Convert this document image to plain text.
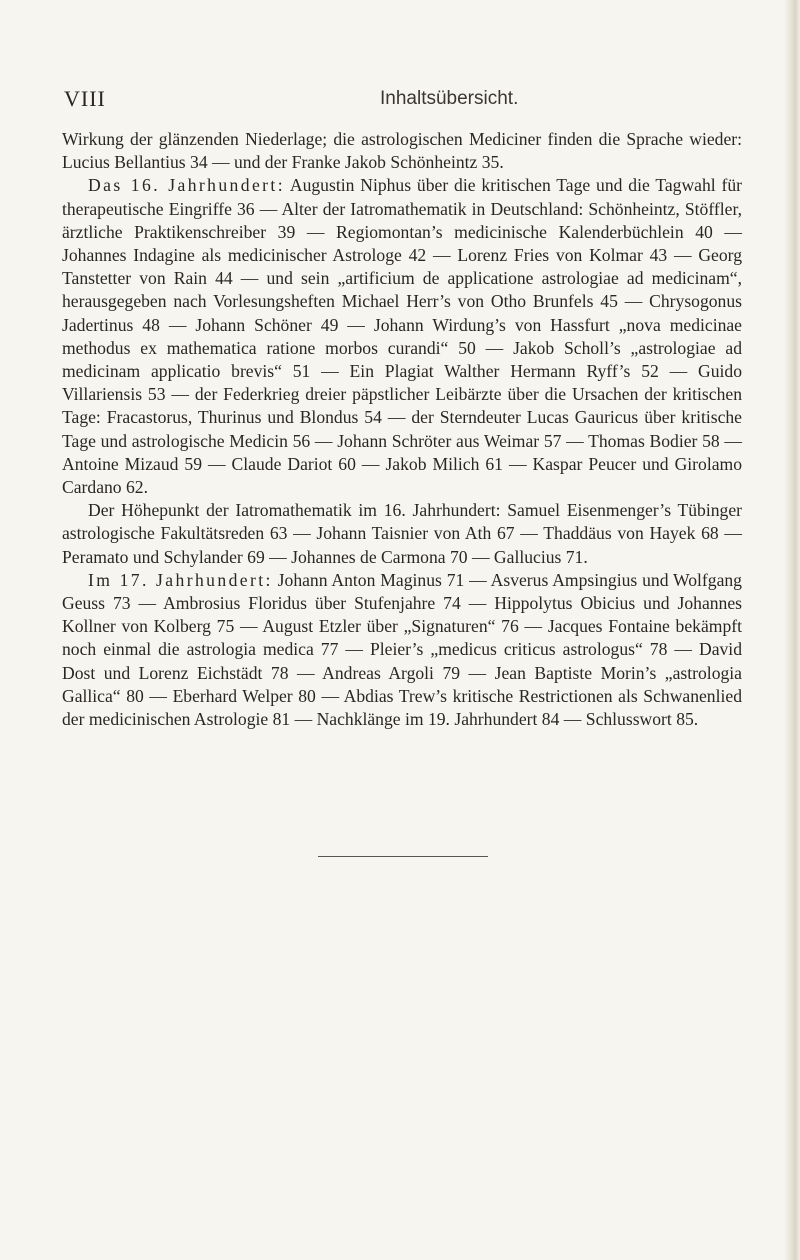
VIII	Inhaltsübersicht.

Wirkung der glänzenden Niederlage; die astrologischen Mediciner finden die Sprache wieder: Lucius Bellantius 34 — und der Franke Jakob Schönheintz 35.

Das 16. Jahrhundert: Augustin Niphus über die kritischen Tage und die Tagwahl für therapeutische Eingriffe 36 — Alter der Iatromathematik in Deutschland: Schönheintz, Stöffler, ärztliche Praktikenschreiber 39 — Regiomontan’s medicinische Kalenderbüchlein 40 — Johannes Indagine als medicinischer Astrologe 42 — Lorenz Fries von Kolmar 43 — Georg Tanstetter von Rain 44 — und sein „artificium de applicatione astrologiae ad medicinam“, herausgegeben nach Vorlesungsheften Michael Herr’s von Otho Brunfels 45 — Chrysogonus Jadertinus 48 — Johann Schöner 49 — Johann Wirdung’s von Hassfurt „nova medicinae methodus ex mathematica ratione morbos curandi“ 50 — Jakob Scholl’s „astrologiae ad medicinam applicatio brevis“ 51 — Ein Plagiat Walther Hermann Ryff’s 52 — Guido Villariensis 53 — der Federkrieg dreier päpstlicher Leibärzte über die Ursachen der kritischen Tage: Fracastorus, Thurinus und Blondus 54 — der Sterndeuter Lucas Gauricus über kritische Tage und astrologische Medicin 56 — Johann Schröter aus Weimar 57 — Thomas Bodier 58 — Antoine Mizaud 59 — Claude Dariot 60 — Jakob Milich 61 — Kaspar Peucer und Girolamo Cardano 62.

Der Höhepunkt der Iatromathematik im 16. Jahrhundert: Samuel Eisenmenger’s Tübinger astrologische Fakultätsreden 63 — Johann Taisnier von Ath 67 — Thaddäus von Hayek 68 — Peramato und Schylander 69 — Johannes de Carmona 70 — Gallucius 71.

Im 17. Jahrhundert: Johann Anton Maginus 71 — Asverus Ampsingius und Wolfgang Geuss 73 — Ambrosius Floridus über Stufenjahre 74 — Hippolytus Obicius und Johannes Kollner von Kolberg 75 — August Etzler über „Signaturen“ 76 — Jacques Fontaine bekämpft noch einmal die astrologia medica 77 — Pleier’s „medicus criticus astrologus“ 78 — David Dost und Lorenz Eichstädt 78 — Andreas Argoli 79 — Jean Baptiste Morin’s „astrologia Gallica“ 80 — Eberhard Welper 80 — Abdias Trew’s kritische Restrictionen als Schwanenlied der medicinischen Astrologie 81 — Nachklänge im 19. Jahrhundert 84 — Schlusswort 85.
